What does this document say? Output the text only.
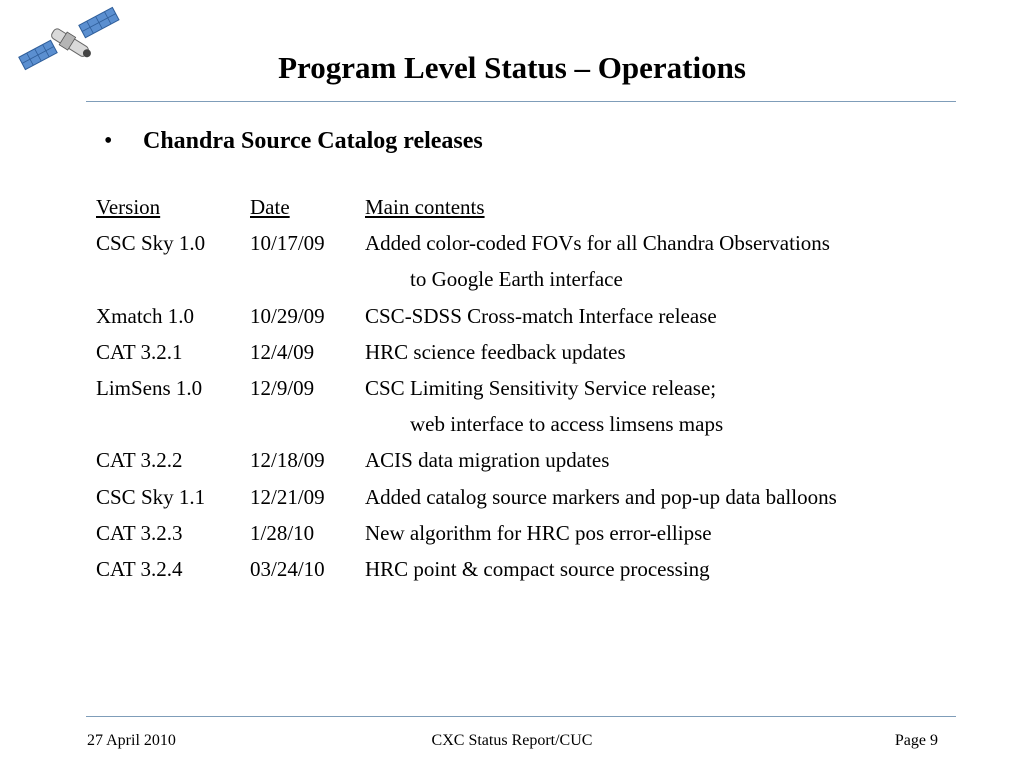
Program Level Status – Operations
• Chandra Source Catalog releases
Version	Date	Main contents
CSC Sky 1.0 10/17/09 Added color-coded FOVs for all Chandra Observations
to Google Earth interface
Xmatch 1.0	10/29/09 CSC-SDSS Cross-match Interface release
CAT 3.2.1	12/4/09 HRC science feedback updates
LimSens 1.0 12/9/09 CSC Limiting Sensitivity Service release;
web interface to access limsens maps
CAT 3.2.2	12/18/09 ACIS data migration updates
CSC Sky 1.1 12/21/09 Added catalog source markers and pop-up data balloons
CAT 3.2.3	1/28/10 New algorithm for HRC pos error-ellipse
CAT 3.2.4	03/24/10 HRC point & compact source processing
27 April 2010	CXC Status Report/CUC	Page 9
